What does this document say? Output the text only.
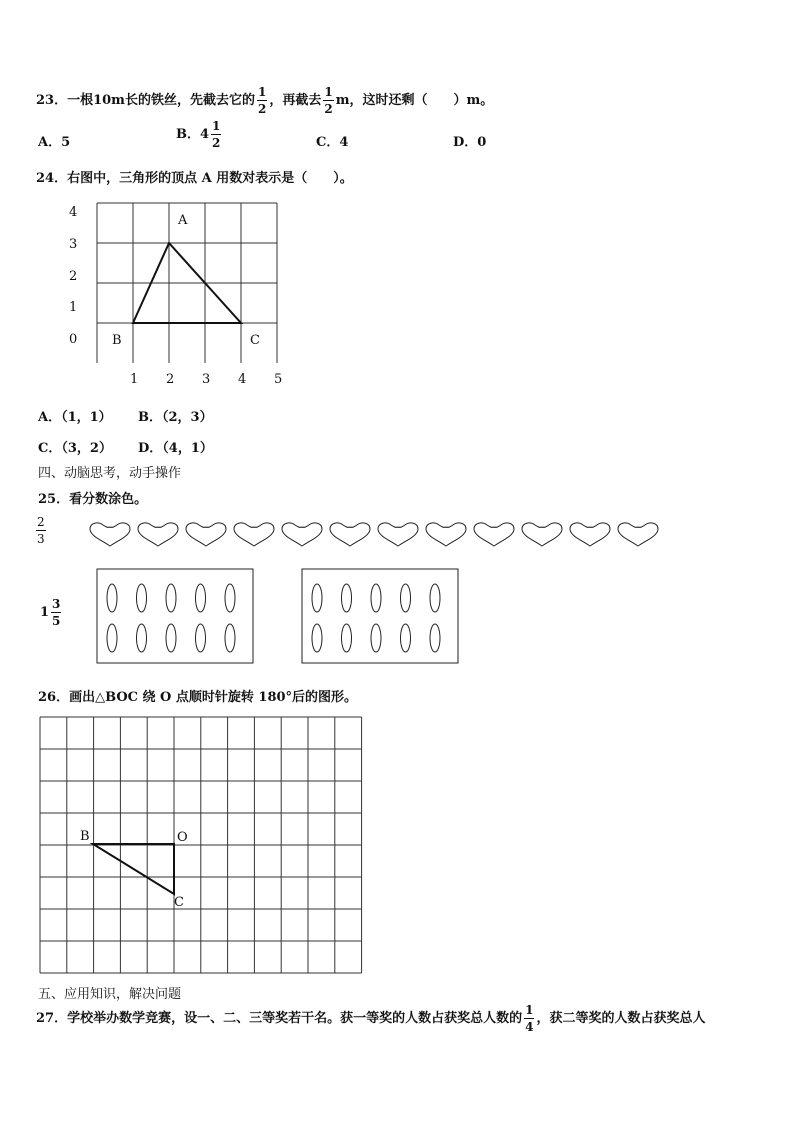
23．一根10m长的铁丝，先截去它的 $\frac{1}{2}$ ，再截去 $\frac{1}{2}$ m，这时还剩（　　）m。
A．5
B．$4 \frac{1}{2}$	C．4	D．0
24．右图中，三角形的顶点 A 用数对表示是（　　）。
4
3
2
1
0
1 2 3 4 5
A
B	C
A．（1，1） B．（2，3）
C．（3，2） D．（4，1）
四、动脑思考，动手操作
25．看分数涂色。
$\frac{2}{3}$
$1 \frac{3}{5}$
26．画出△BOC 绕 O 点顺时针旋转 180°后的图形。
B	O
C
五、应用知识，解决问题
27．学校举办数学竞赛，设一、二、三等奖若干名。获一等奖的人数占获奖总人数的 $\frac{1}{4}$ ，获二等奖的人数占获奖总人
